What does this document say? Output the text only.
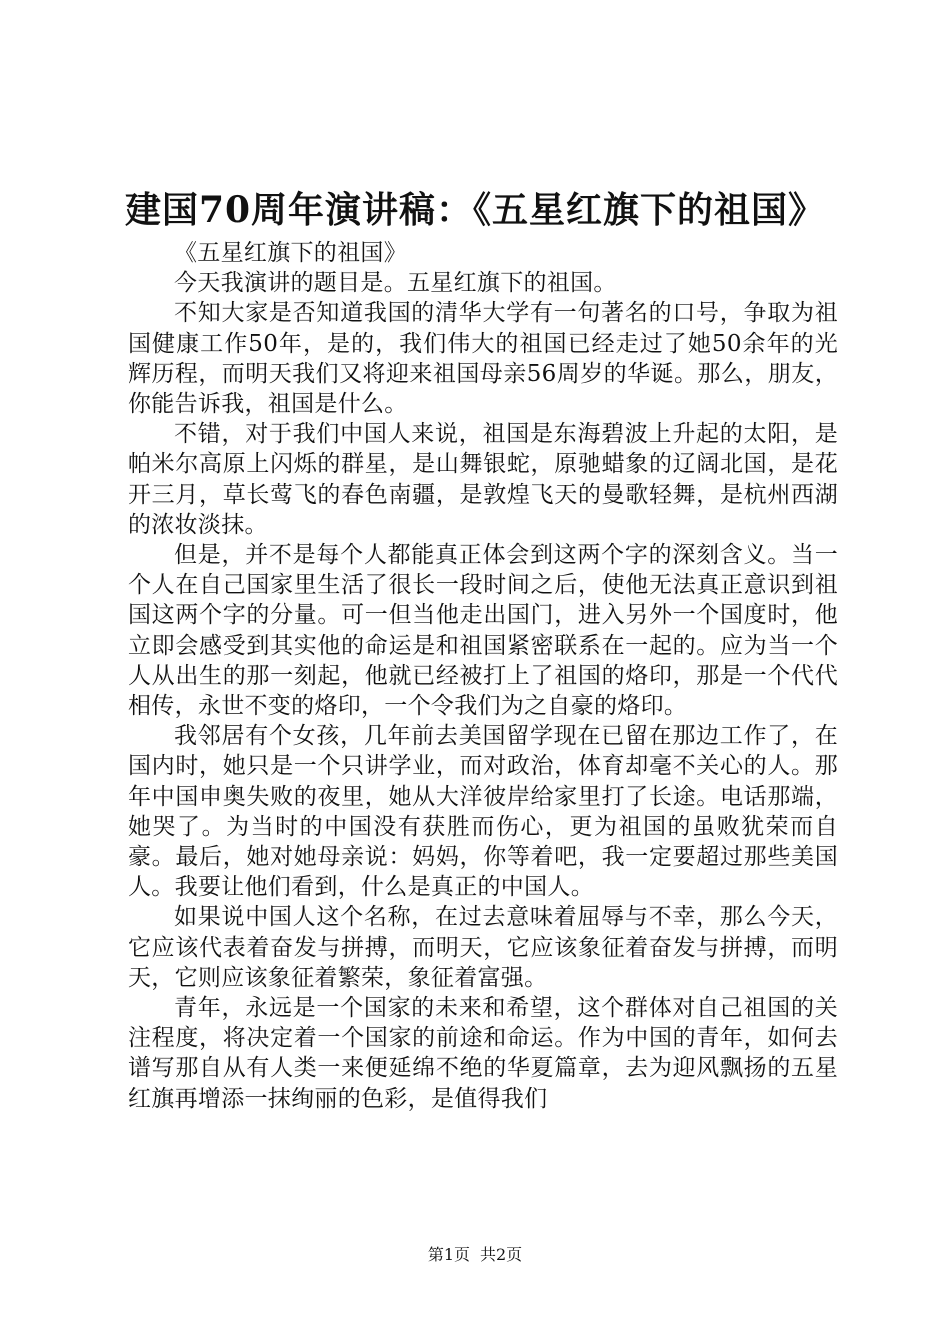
建国70周年演讲稿：《五星红旗下的祖国》

《五星红旗下的祖国》

今天我演讲的题目是。五星红旗下的祖国。

不知大家是否知道我国的清华大学有一句著名的口号，争取为祖国健康工作50年，是的，我们伟大的祖国已经走过了她50余年的光辉历程，而明天我们又将迎来祖国母亲56周岁的华诞。那么，朋友，你能告诉我，祖国是什么。

不错，对于我们中国人来说，祖国是东海碧波上升起的太阳，是帕米尔高原上闪烁的群星，是山舞银蛇，原驰蜡象的辽阔北国，是花开三月，草长莺飞的春色南疆，是敦煌飞天的曼歌轻舞，是杭州西湖的浓妆淡抹。

但是，并不是每个人都能真正体会到这两个字的深刻含义。当一个人在自己国家里生活了很长一段时间之后，使他无法真正意识到祖国这两个字的分量。可一但当他走出国门，进入另外一个国度时，他立即会感受到其实他的命运是和祖国紧密联系在一起的。应为当一个人从出生的那一刻起，他就已经被打上了祖国的烙印，那是一个代代相传，永世不变的烙印，一个令我们为之自豪的烙印。

我邻居有个女孩，几年前去美国留学现在已留在那边工作了，在国内时，她只是一个只讲学业，而对政治，体育却毫不关心的人。那年中国申奥失败的夜里，她从大洋彼岸给家里打了长途。电话那端，她哭了。为当时的中国没有获胜而伤心，更为祖国的虽败犹荣而自豪。最后，她对她母亲说：妈妈，你等着吧，我一定要超过那些美国人。我要让他们看到，什么是真正的中国人。

如果说中国人这个名称，在过去意味着屈辱与不幸，那么今天，它应该代表着奋发与拼搏，而明天，它应该象征着奋发与拼搏，而明天，它则应该象征着繁荣，象征着富强。

青年，永远是一个国家的未来和希望，这个群体对自己祖国的关注程度，将决定着一个国家的前途和命运。作为中国的青年，如何去谱写那自从有人类一来便延绵不绝的华夏篇章，去为迎风飘扬的五星红旗再增添一抹绚丽的色彩，是值得我们

第1页 共2页
